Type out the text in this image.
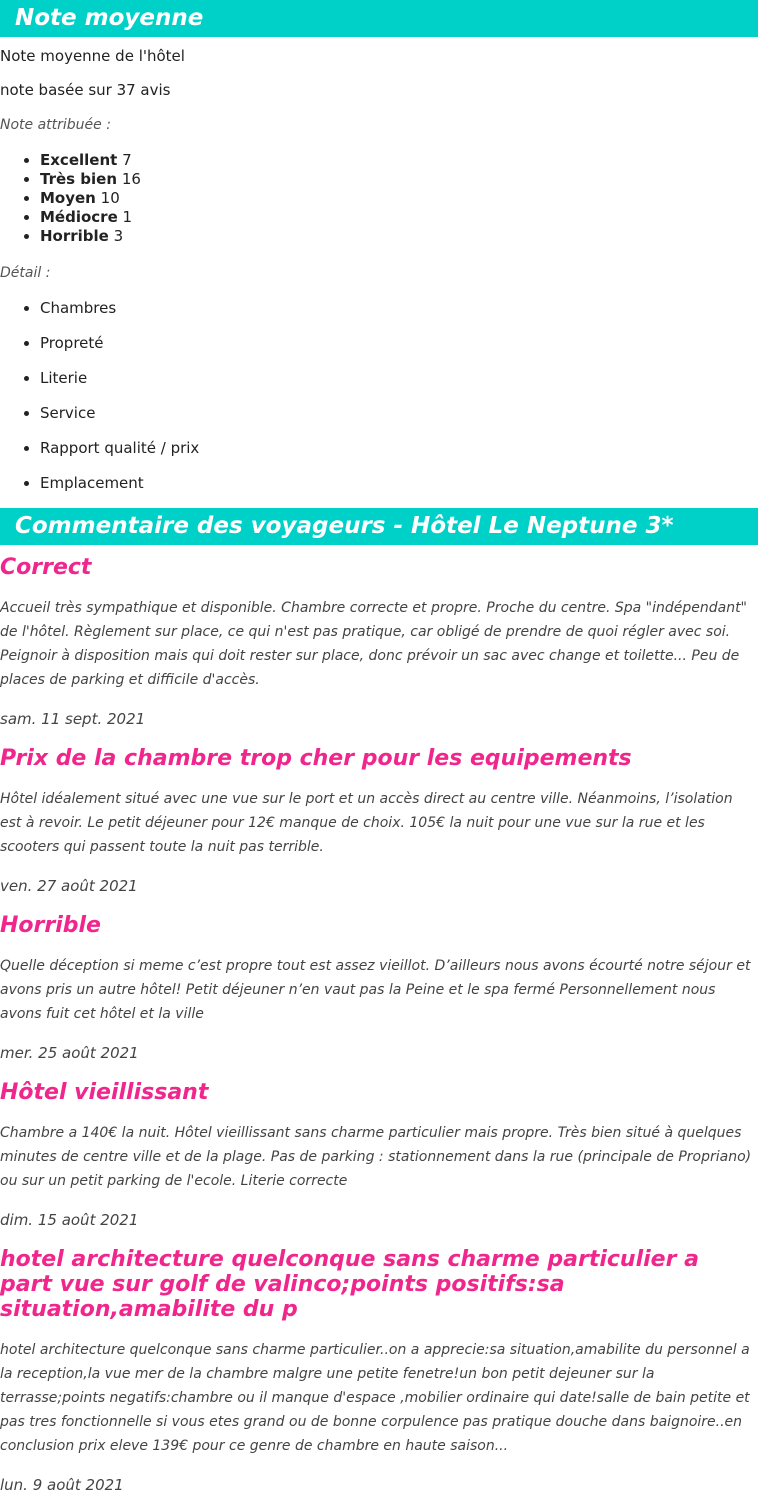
Note moyenne

Note moyenne de l'hôtel

note basée sur 37 avis

Note attribuée :

• Excellent 7
• Très bien 16
• Moyen 10
• Médiocre 1
• Horrible 3

Détail :

• Chambres
• Propreté
• Literie
• Service
• Rapport qualité / prix
• Emplacement
Commentaire des voyageurs - Hôtel Le Neptune 3*
Correct

Accueil très sympathique et disponible. Chambre correcte et propre. Proche du centre. Spa "indépendant" de l'hôtel. Règlement sur place, ce qui n'est pas pratique, car obligé de prendre de quoi régler avec soi. Peignoir à disposition mais qui doit rester sur place, donc prévoir un sac avec change et toilette... Peu de places de parking et difficile d'accès.

sam. 11 sept. 2021

Prix de la chambre trop cher pour les equipements

Hôtel idéalement situé avec une vue sur le port et un accès direct au centre ville. Néanmoins, l’isolation est à revoir. Le petit déjeuner pour 12€ manque de choix. 105€ la nuit pour une vue sur la rue et les scooters qui passent toute la nuit pas terrible.

ven. 27 août 2021

Horrible

Quelle déception si meme c’est propre tout est assez vieillot. D’ailleurs nous avons écourté notre séjour et avons pris un autre hôtel! Petit déjeuner n’en vaut pas la Peine et le spa fermé Personnellement nous avons fuit cet hôtel et la ville

mer. 25 août 2021

Hôtel vieillissant

Chambre a 140€ la nuit. Hôtel vieillissant sans charme particulier mais propre. Très bien situé à quelques minutes de centre ville et de la plage. Pas de parking : stationnement dans la rue (principale de Propriano) ou sur un petit parking de l'ecole. Literie correcte

dim. 15 août 2021

hotel architecture quelconque sans charme particulier a part vue sur golf de valinco;points positifs:sa situation,amabilite du p

hotel architecture quelconque sans charme particulier..on a apprecie:sa situation,amabilite du personnel a la reception,la vue mer de la chambre malgre une petite fenetre!un bon petit dejeuner sur la terrasse;points negatifs:chambre ou il manque d'espace ,mobilier ordinaire qui date!salle de bain petite et pas tres fonctionnelle si vous etes grand ou de bonne corpulence pas pratique douche dans baignoire..en conclusion prix eleve 139€ pour ce genre de chambre en haute saison...

lun. 9 août 2021
